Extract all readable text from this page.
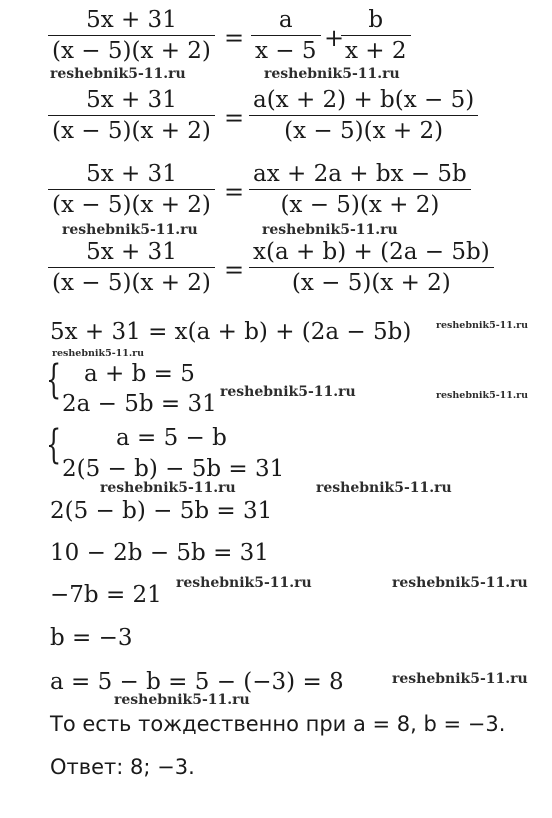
5x + 31
(x − 5)(x + 2) =
a
x − 5 +
b
x + 2
5x + 31
(x − 5)(x + 2) =
a(x + 2) + b(x − 5)
(x − 5)(x + 2)
5x + 31
(x − 5)(x + 2) =
ax + 2a + bx − 5b
(x − 5)(x + 2)
5x + 31
(x − 5)(x + 2) =
x(a + b) + (2a − 5b)
(x − 5)(x + 2)
5x + 31 = x(a + b) + (2a − 5b)
{ a + b = 5
2a − 5b = 31
{ a = 5 − b
2(5 − b) − 5b = 31
2(5 − b) − 5b = 31
10 − 2b − 5b = 31
−7b = 21
b = −3
a = 5 − b = 5 − (−3) = 8
То есть тождественно при a = 8, b = −3.
Ответ: 8; −3.
reshebnik5-11.ru	reshebnik5-11.ru
reshebnik5-11.ru	reshebnik5-11.ru
reshebnik5-11.ru
reshebnik5-11.ru
reshebnik5-11.ru	reshebnik5-11.ru
reshebnik5-11.ru	reshebnik5-11.ru
reshebnik5-11.ru	reshebnik5-11.ru
reshebnik5-11.ru
reshebnik5-11.ru
